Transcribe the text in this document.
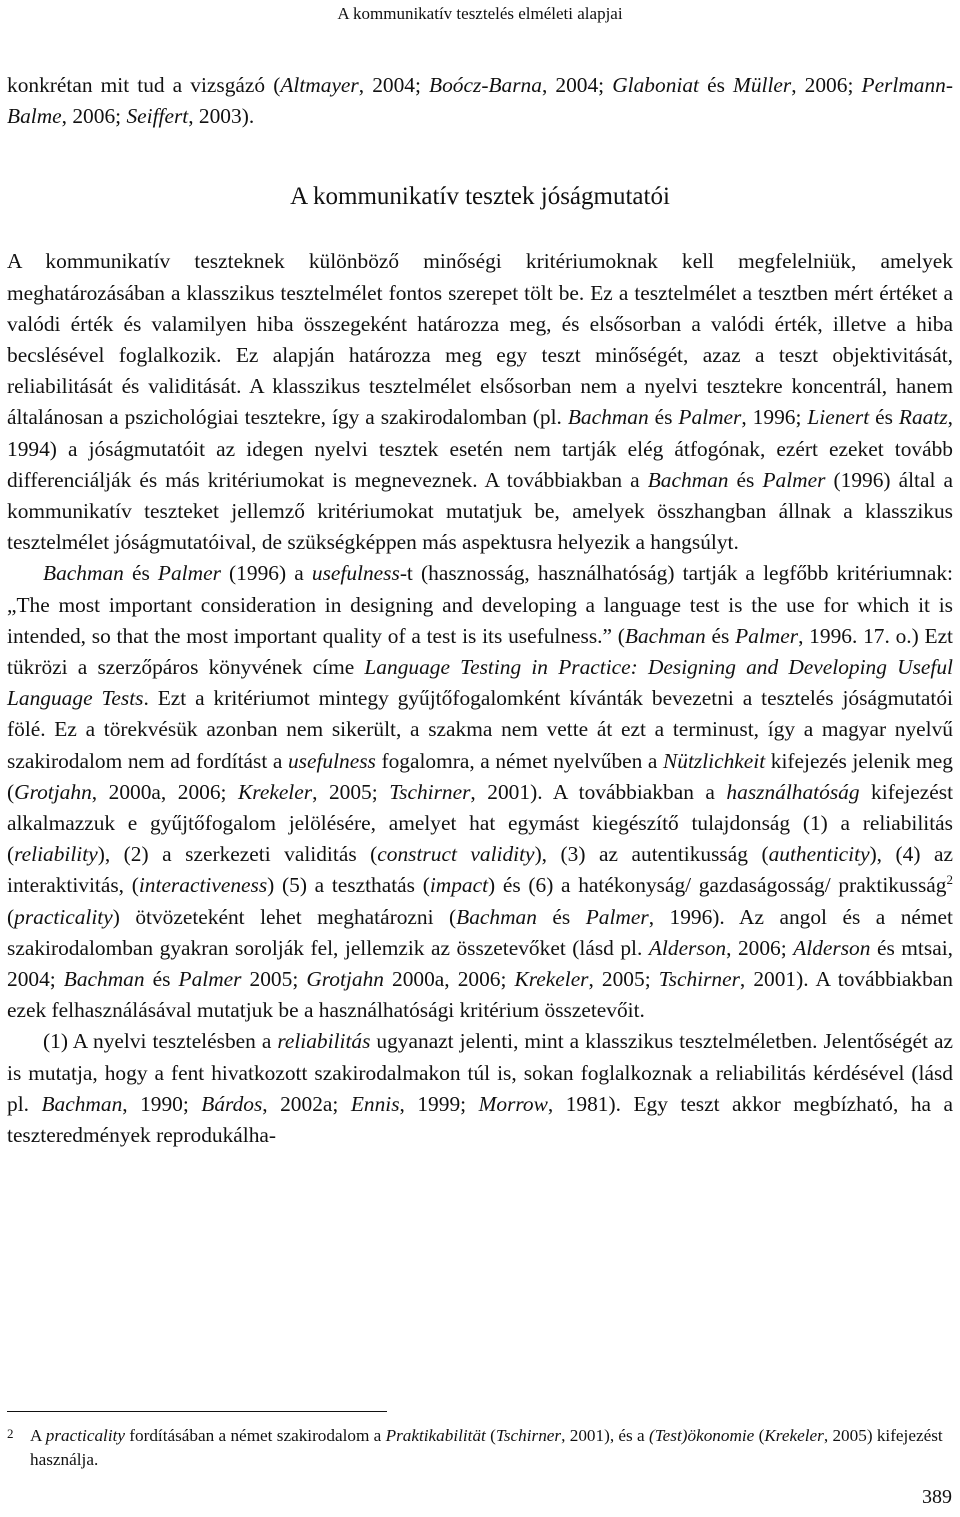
A kommunikatív tesztelés elméleti alapjai

konkrétan mit tud a vizsgázó (Altmayer, 2004; Boócz-Barna, 2004; Glaboniat és Müller, 2006; Perlmann-Balme, 2006; Seiffert, 2003).

A kommunikatív tesztek jóságmutatói

A kommunikatív teszteknek különböző minőségi kritériumoknak kell megfelelniük, amelyek meghatározásában a klasszikus tesztelmélet fontos szerepet tölt be. Ez a tesztelmélet a tesztben mért értéket a valódi érték és valamilyen hiba összegeként határozza meg, és elsősorban a valódi érték, illetve a hiba becslésével foglalkozik. Ez alapján határozza meg egy teszt minőségét, azaz a teszt objektivitását, reliabilitását és validitását. A klasszikus tesztelmélet elsősorban nem a nyelvi tesztekre koncentrál, hanem általánosan a pszichológiai tesztekre, így a szakirodalomban (pl. Bachman és Palmer, 1996; Lienert és Raatz, 1994) a jóságmutatóit az idegen nyelvi tesztek esetén nem tartják elég átfogónak, ezért ezeket tovább differenciálják és más kritériumokat is megneveznek. A továbbiakban a Bachman és Palmer (1996) által a kommunikatív teszteket jellemző kritériumokat mutatjuk be, amelyek összhangban állnak a klasszikus tesztelmélet jóságmutatóival, de szükségképpen más aspektusra helyezik a hangsúlyt.

Bachman és Palmer (1996) a usefulness-t (hasznosság, használhatóság) tartják a legfőbb kritériumnak: „The most important consideration in designing and developing a language test is the use for which it is intended, so that the most important quality of a test is its usefulness.” (Bachman és Palmer, 1996. 17. o.) Ezt tükrözi a szerzőpáros könyvének címe Language Testing in Practice: Designing and Developing Useful Language Tests. Ezt a kritériumot mintegy gyűjtőfogalomként kívánták bevezetni a tesztelés jóságmutatói fölé. Ez a törekvésük azonban nem sikerült, a szakma nem vette át ezt a terminust, így a magyar nyelvű szakirodalom nem ad fordítást a usefulness fogalomra, a német nyelvűben a Nützlichkeit kifejezés jelenik meg (Grotjahn, 2000a, 2006; Krekeler, 2005; Tschirner, 2001). A továbbiakban a használhatóság kifejezést alkalmazzuk e gyűjtőfogalom jelölésére, amelyet hat egymást kiegészítő tulajdonság (1) a reliabilitás (reliability), (2) a szerkezeti validitás (construct validity), (3) az autentikusság (authenticity), (4) az interaktivitás, (interactiveness) (5) a teszthatás (impact) és (6) a hatékonyság/ gazdaságosság/ praktikusság$^2$ (practicality) ötvözeteként lehet meghatározni (Bachman és Palmer, 1996). Az angol és a német szakirodalomban gyakran sorolják fel, jellemzik az összetevőket (lásd pl. Alderson, 2006; Alderson és mtsai, 2004; Bachman és Palmer 2005; Grotjahn 2000a, 2006; Krekeler, 2005; Tschirner, 2001). A továbbiakban ezek felhasználásával mutatjuk be a használhatósági kritérium összetevőit.

(1) A nyelvi tesztelésben a reliabilitás ugyanazt jelenti, mint a klasszikus tesztelméletben. Jelentőségét az is mutatja, hogy a fent hivatkozott szakirodalmakon túl is, sokan foglalkoznak a reliabilitás kérdésével (lásd pl. Bachman, 1990; Bárdos, 2002a; Ennis, 1999; Morrow, 1981). Egy teszt akkor megbízható, ha a teszteredmények reprodukálha-

2 A practicality fordításában a német szakirodalom a Praktikabilität (Tschirner, 2001), és a (Test)ökonomie (Krekeler, 2005) kifejezést használja.
389
